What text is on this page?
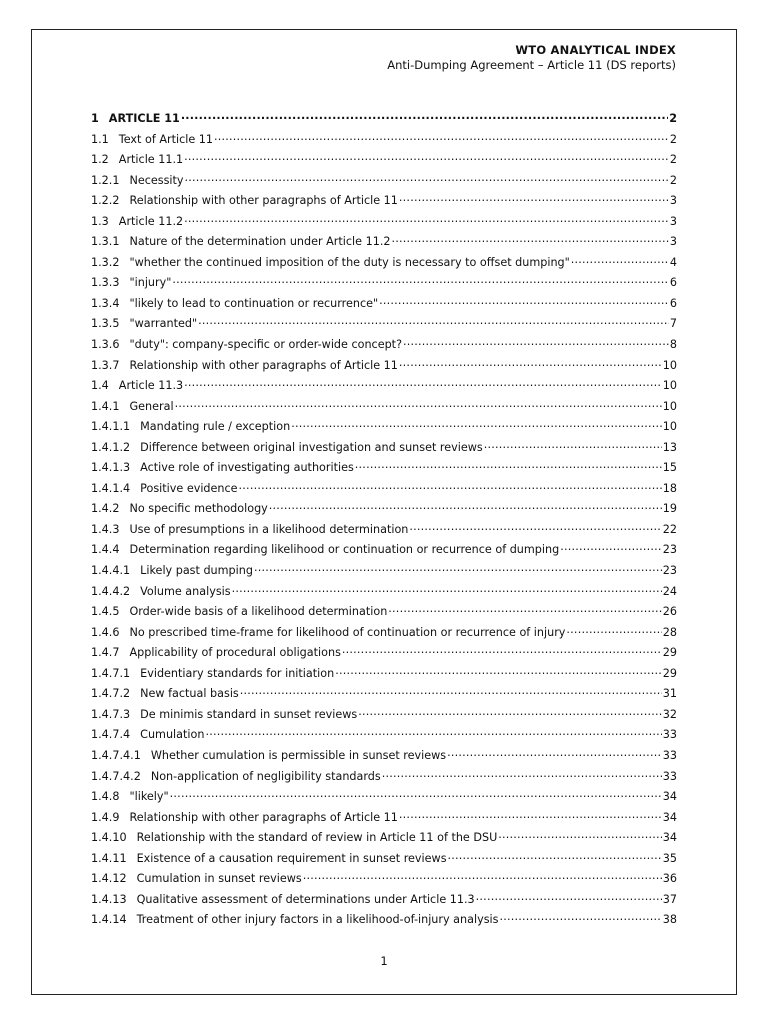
WTO ANALYTICAL INDEX
Anti-Dumping Agreement – Article 11 (DS reports)
1 ARTICLE 11 .....	2
1.1 Text of Article 11 .....	2
1.2 Article 11.1 .....	2
1.2.1 Necessity .....	2
1.2.2 Relationship with other paragraphs of Article 11 .....	3
1.3 Article 11.2 .....	3
1.3.1 Nature of the determination under Article 11.2 .....	3
1.3.2 "whether the continued imposition of the duty is necessary to offset dumping" .....	4
1.3.3 "injury" .....	6
1.3.4 "likely to lead to continuation or recurrence" .....	6
1.3.5 "warranted" .....	7
1.3.6 "duty": company-specific or order-wide concept? .....	8
1.3.7 Relationship with other paragraphs of Article 11 .....	10
1.4 Article 11.3 .....	10
1.4.1 General .....	10
1.4.1.1 Mandating rule / exception .....	10
1.4.1.2 Difference between original investigation and sunset reviews .....	13
1.4.1.3 Active role of investigating authorities .....	15
1.4.1.4 Positive evidence .....	18
1.4.2 No specific methodology .....	19
1.4.3 Use of presumptions in a likelihood determination .....	22
1.4.4 Determination regarding likelihood or continuation or recurrence of dumping .....	23
1.4.4.1 Likely past dumping .....	23
1.4.4.2 Volume analysis .....	24
1.4.5 Order-wide basis of a likelihood determination .....	26
1.4.6 No prescribed time-frame for likelihood of continuation or recurrence of injury .....	28
1.4.7 Applicability of procedural obligations .....	29
1.4.7.1 Evidentiary standards for initiation .....	29
1.4.7.2 New factual basis .....	31
1.4.7.3 De minimis standard in sunset reviews .....	32
1.4.7.4 Cumulation .....	33
1.4.7.4.1 Whether cumulation is permissible in sunset reviews .....	33
1.4.7.4.2 Non-application of negligibility standards .....	33
1.4.8 "likely" .....	34
1.4.9 Relationship with other paragraphs of Article 11 .....	34
1.4.10 Relationship with the standard of review in Article 11 of the DSU .....	34
1.4.11 Existence of a causation requirement in sunset reviews .....	35
1.4.12 Cumulation in sunset reviews .....	36
1.4.13 Qualitative assessment of determinations under Article 11.3 .....	37
1.4.14 Treatment of other injury factors in a likelihood-of-injury analysis .....	38
1
